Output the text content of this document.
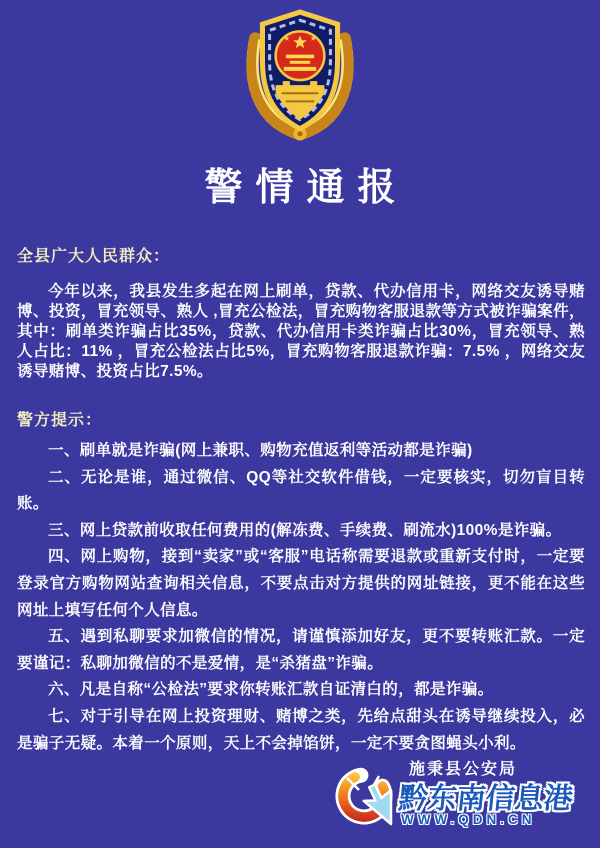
警情通报
全县广大人民群众：

今年以来，我县发生多起在网上刷单，贷款、代办信用卡，网络交友诱导赌博、投资，冒充领导、熟人 ,冒充公检法，冒充购物客服退款等方式被诈骗案件，其中：刷单类诈骗占比35%，贷款、代办信用卡类诈骗占比30%，冒充领导、熟人占比：11% ，冒充公检法占比5%，冒充购物客服退款诈骗：7.5% ，网络交友诱导赌博、投资占比7.5%。

警方提示：

一、刷单就是诈骗(网上兼职、购物充值返利等活动都是诈骗)

二、无论是谁，通过微信、QQ等社交软件借钱，一定要核实，切勿盲目转账。

三、网上贷款前收取任何费用的(解冻费、手续费、刷流水)100%是诈骗。

四、网上购物，接到“卖家”或“客服”电话称需要退款或重新支付时，一定要登录官方购物网站查询相关信息，不要点击对方提供的网址链接，更不能在这些网址上填写任何个人信息。

五、遇到私聊要求加微信的情况，请谨慎添加好友，更不要转账汇款。一定要谨记：私聊加微信的不是爱情，是“杀猪盘”诈骗。

六、凡是自称“公检法”要求你转账汇款自证清白的，都是诈骗。

七、对于引导在网上投资理财、赌博之类，先给点甜头在诱导继续投入，必是骗子无疑。本着一个原则，天上不会掉馅饼，一定不要贪图蝇头小利。

施秉县公安局
黔东南信息港
WWW.QDN.CN
